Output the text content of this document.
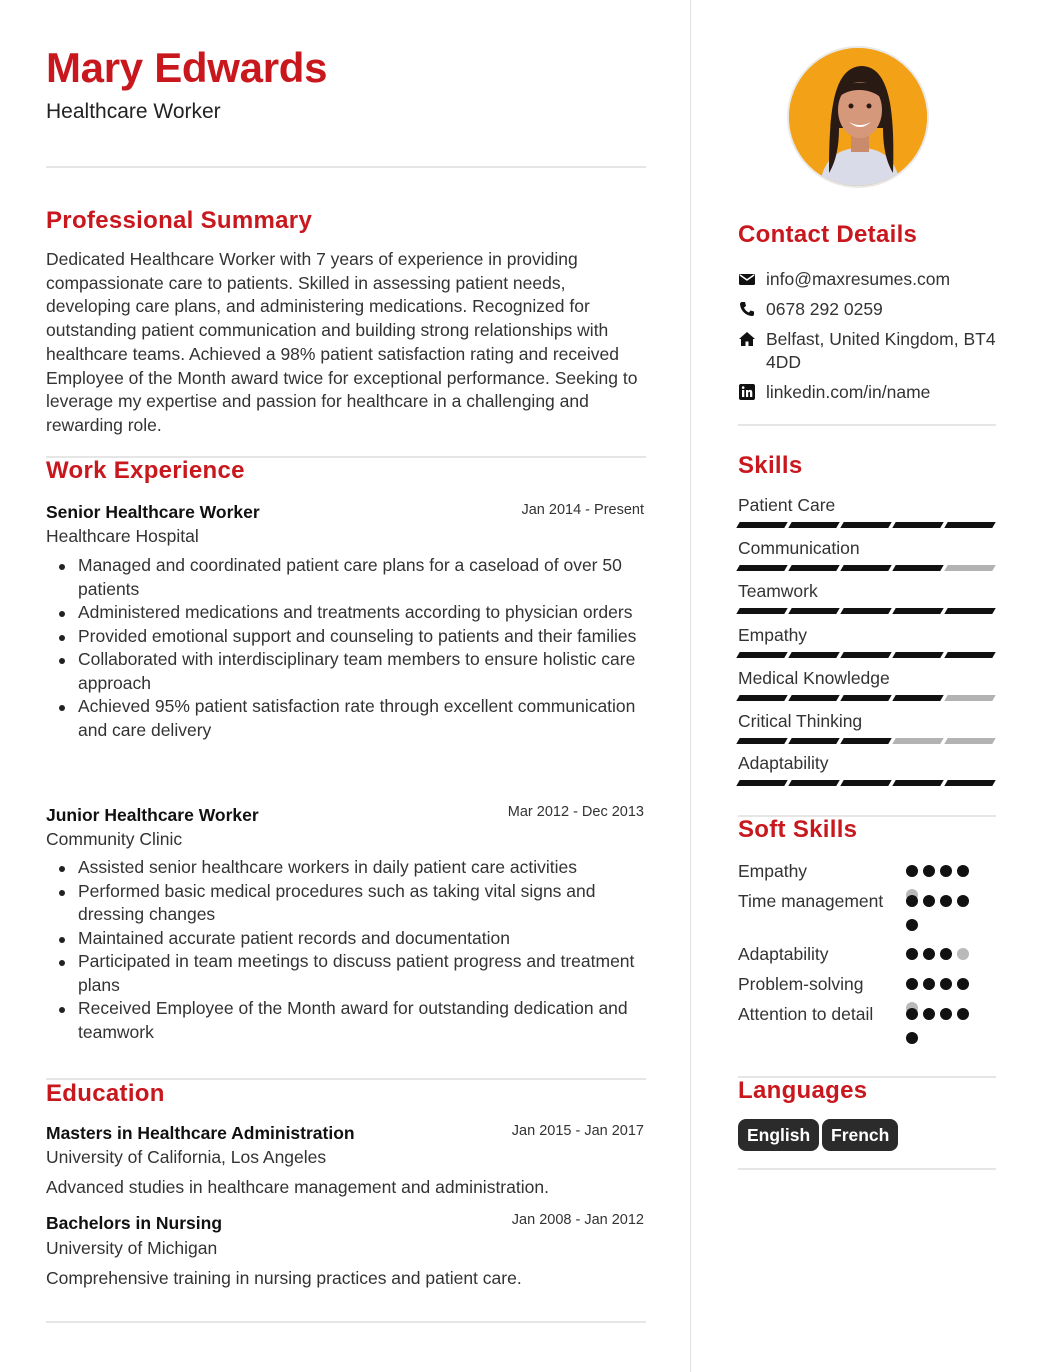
Mary Edwards
Healthcare Worker
Professional Summary
Dedicated Healthcare Worker with 7 years of experience in providing compassionate care to patients. Skilled in assessing patient needs, developing care plans, and administering medications. Recognized for outstanding patient communication and building strong relationships with healthcare teams. Achieved a 98% patient satisfaction rating and received Employee of the Month award twice for exceptional performance. Seeking to leverage my expertise and passion for healthcare in a challenging and rewarding role.
Work Experience
Senior Healthcare Worker	Jan 2014 - Present
Healthcare Hospital
Managed and coordinated patient care plans for a caseload of over 50 patients
Administered medications and treatments according to physician orders
Provided emotional support and counseling to patients and their families
Collaborated with interdisciplinary team members to ensure holistic care approach
Achieved 95% patient satisfaction rate through excellent communication and care delivery
Junior Healthcare Worker	Mar 2012 - Dec 2013
Community Clinic
Assisted senior healthcare workers in daily patient care activities
Performed basic medical procedures such as taking vital signs and dressing changes
Maintained accurate patient records and documentation
Participated in team meetings to discuss patient progress and treatment plans
Received Employee of the Month award for outstanding dedication and teamwork
Education
Masters in Healthcare Administration	Jan 2015 - Jan 2017
University of California, Los Angeles
Advanced studies in healthcare management and administration.
Bachelors in Nursing	Jan 2008 - Jan 2012
University of Michigan
Comprehensive training in nursing practices and patient care.
Contact Details
info@maxresumes.com
0678 292 0259
Belfast, United Kingdom, BT4 4DD
linkedin.com/in/name
Skills
Patient Care
Communication
Teamwork
Empathy
Medical Knowledge
Critical Thinking
Adaptability
Soft Skills
Empathy
Time management
Adaptability
Problem-solving
Attention to detail
Languages
English	French
